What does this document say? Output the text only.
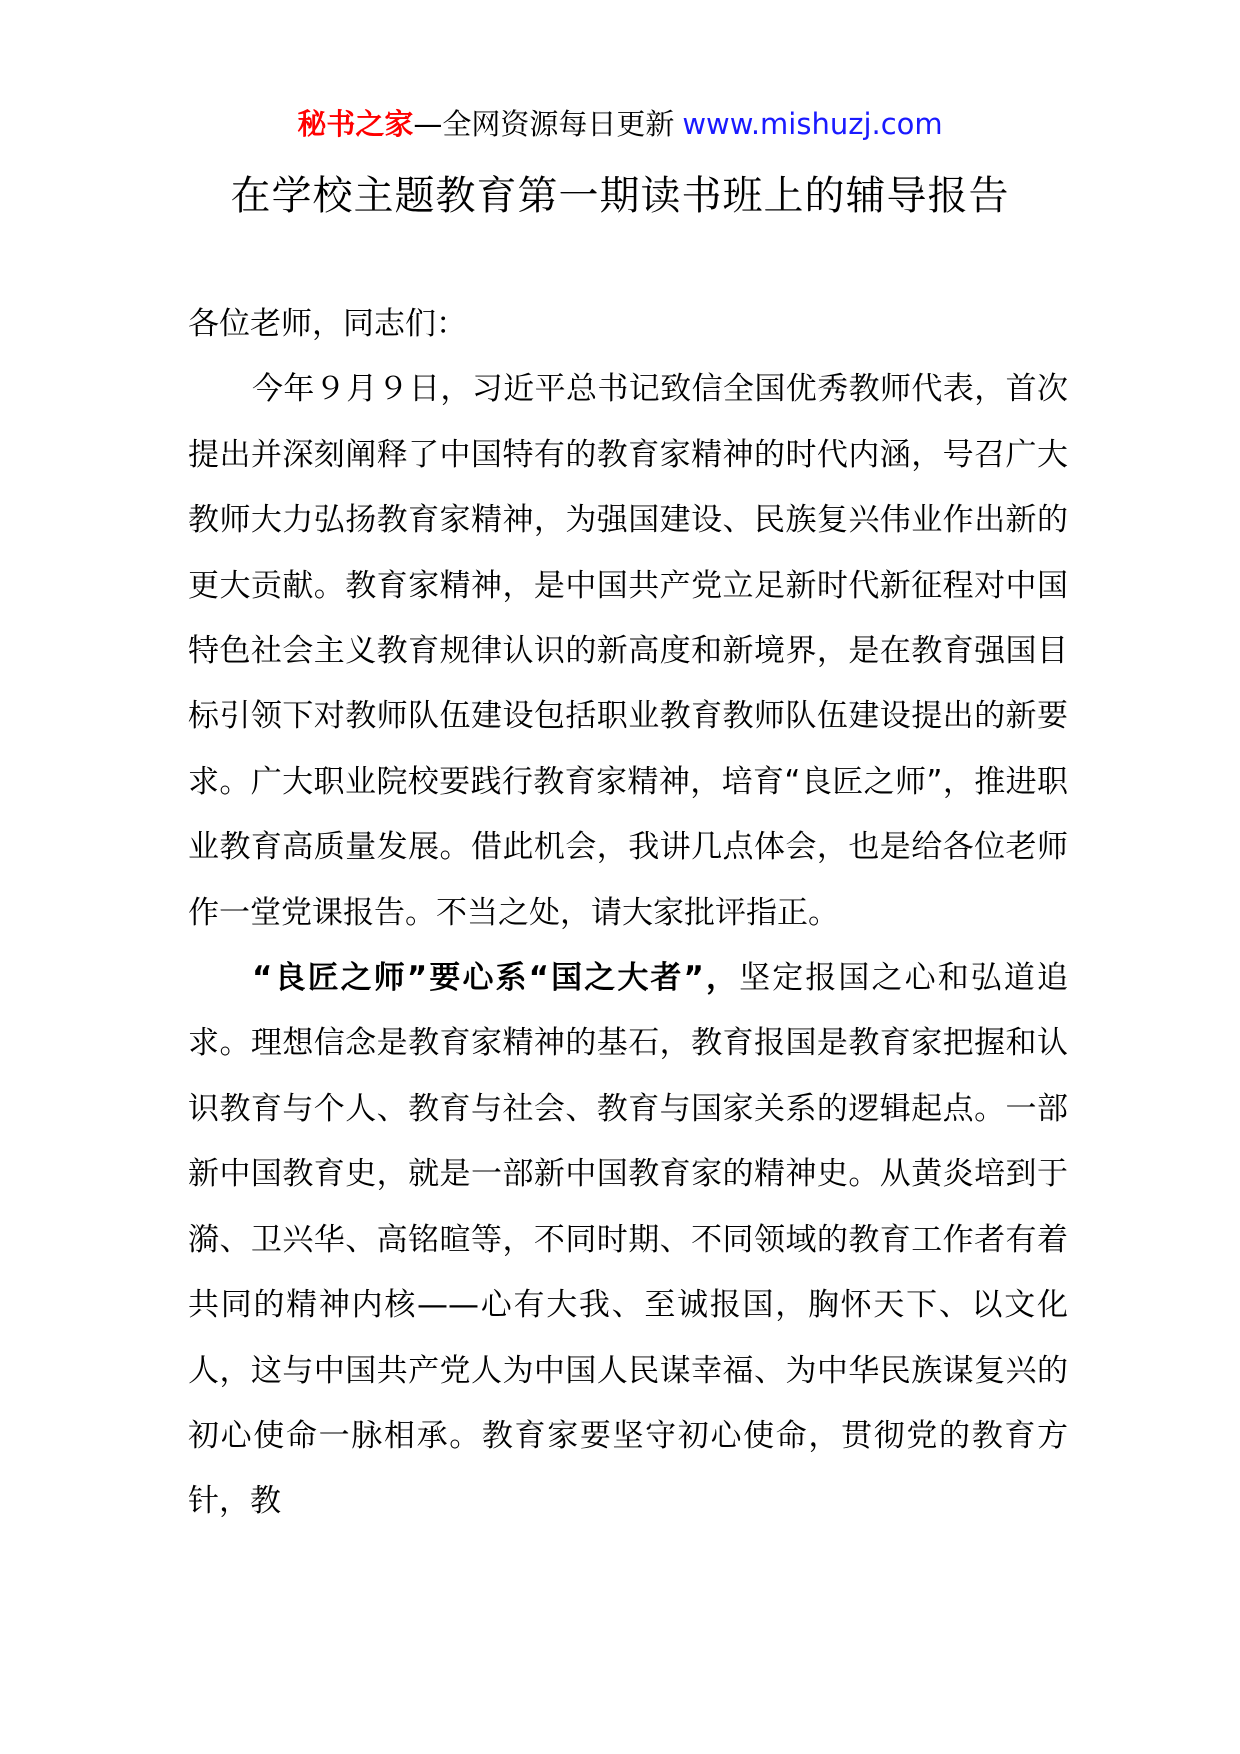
秘书之家—全网资源每日更新 www.mishuzj.com
在学校主题教育第一期读书班上的辅导报告

各位老师，同志们：

今年９月９日，习近平总书记致信全国优秀教师代表，首次提出并深刻阐释了中国特有的教育家精神的时代内涵，号召广大教师大力弘扬教育家精神，为强国建设、民族复兴伟业作出新的更大贡献。教育家精神，是中国共产党立足新时代新征程对中国特色社会主义教育规律认识的新高度和新境界，是在教育强国目标引领下对教师队伍建设包括职业教育教师队伍建设提出的新要求。广大职业院校要践行教育家精神，培育“良匠之师”，推进职业教育高质量发展。借此机会，我讲几点体会，也是给各位老师作一堂党课报告。不当之处，请大家批评指正。

“良匠之师”要心系“国之大者”，坚定报国之心和弘道追求。理想信念是教育家精神的基石，教育报国是教育家把握和认识教育与个人、教育与社会、教育与国家关系的逻辑起点。一部新中国教育史，就是一部新中国教育家的精神史。从黄炎培到于漪、卫兴华、高铭暄等，不同时期、不同领域的教育工作者有着共同的精神内核——心有大我、至诚报国，胸怀天下、以文化人，这与中国共产党人为中国人民谋幸福、为中华民族谋复兴的初心使命一脉相承。教育家要坚守初心使命，贯彻党的教育方针，教
